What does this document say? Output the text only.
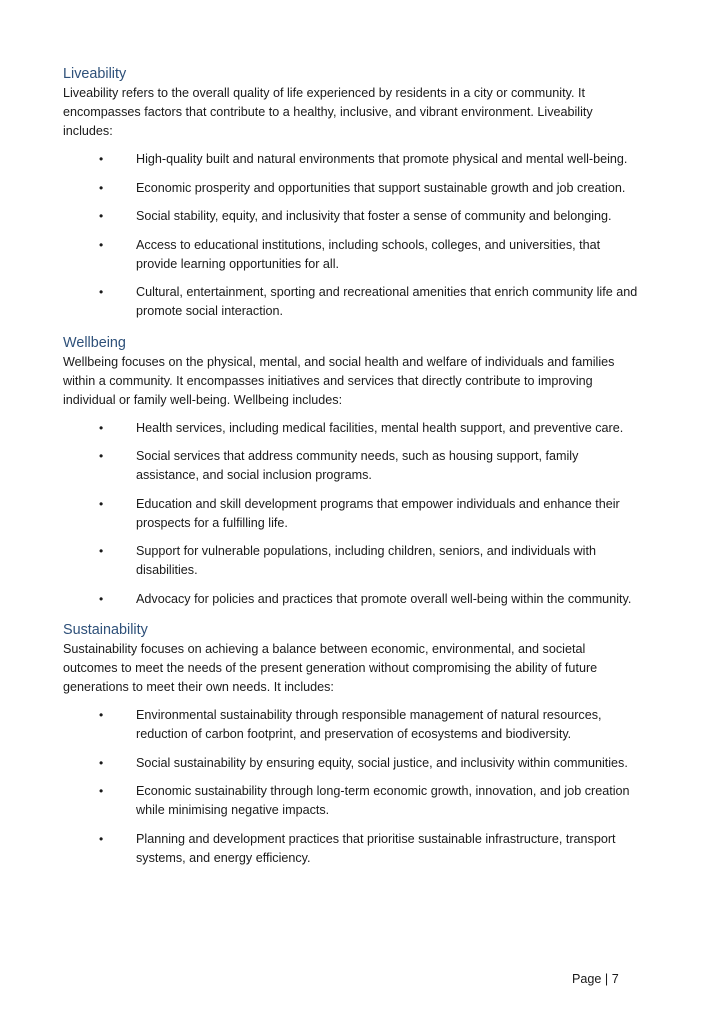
Liveability

Liveability refers to the overall quality of life experienced by residents in a city or community. It encompasses factors that contribute to a healthy, inclusive, and vibrant environment. Liveability includes:

•	High-quality built and natural environments that promote physical and mental well-being.
•	Economic prosperity and opportunities that support sustainable growth and job creation.
•	Social stability, equity, and inclusivity that foster a sense of community and belonging.
•	Access to educational institutions, including schools, colleges, and universities, that provide learning opportunities for all.
•	Cultural, entertainment, sporting and recreational amenities that enrich community life and promote social interaction.
Wellbeing

Wellbeing focuses on the physical, mental, and social health and welfare of individuals and families within a community. It encompasses initiatives and services that directly contribute to improving individual or family well-being. Wellbeing includes:

•	Health services, including medical facilities, mental health support, and preventive care.
•	Social services that address community needs, such as housing support, family assistance, and social inclusion programs.
•	Education and skill development programs that empower individuals and enhance their prospects for a fulfilling life.
•	Support for vulnerable populations, including children, seniors, and individuals with disabilities.
•	Advocacy for policies and practices that promote overall well-being within the community.
Sustainability

Sustainability focuses on achieving a balance between economic, environmental, and societal outcomes to meet the needs of the present generation without compromising the ability of future generations to meet their own needs. It includes:

•	Environmental sustainability through responsible management of natural resources, reduction of carbon footprint, and preservation of ecosystems and biodiversity.
•	Social sustainability by ensuring equity, social justice, and inclusivity within communities.
•	Economic sustainability through long-term economic growth, innovation, and job creation while minimising negative impacts.
•	Planning and development practices that prioritise sustainable infrastructure, transport systems, and energy efficiency.
Page | 7
